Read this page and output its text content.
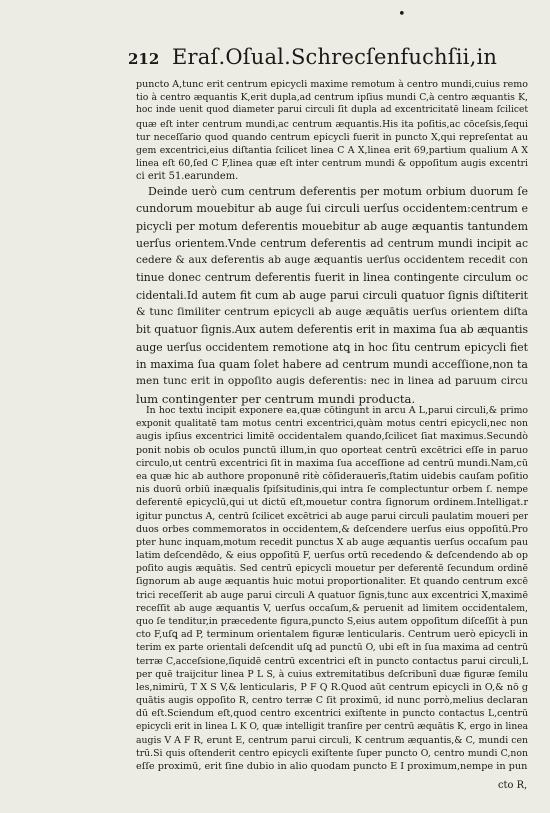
•
212 Eraſ.Oſual.Schrecſenfuchſii,in
puncto A,tunc erit centrum epicycli maxime remotum à centro mundi,cuius remo
tio à centro æquantis K,erit dupla,ad centrum ipſius mundi C,à centro æquantis K,
hoc inde uenit quod diameter parui circuli ſit dupla ad excentricitatē lineam ſcilicet
quæ eſt inter centrum mundi,ac centrum æquantis.His ita poſitis,ac cōceſsis,ſequi
tur neceſſario quod quando centrum epicycli fuerit in puncto X,qui repreſentat au
gem excentrici,eius diſtantia ſcilicet linea C A X,linea erit 69,partium qualium A X
linea eſt 60,ſed C F,linea quæ eſt inter centrum mundi & oppoſitum augis excentri
ci erit 51.earundem.
Deinde uerò cum centrum deferentis per motum orbium duorum ſe
cundorum mouebitur ab auge ſui circuli uerſus occidentem:centrum e
picycli per motum deferentis mouebitur ab auge æquantis tantundem
uerſus orientem.Vnde centrum deferentis ad centrum mundi incipit ac
cedere & aux deferentis ab auge æquantis uerſus occidentem recedit con
tinue donec centrum deferentis fuerit in linea contingente circulum oc
cidentali.Id autem fit cum ab auge parui circuli quatuor ſignis diſtiterit
& tunc ſimiliter centrum epicycli ab auge æquātis uerſus orientem diſta
bit quatuor ſignis.Aux autem deferentis erit in maxima ſua ab æquantis
auge uerſus occidentem remotione atꝗ in hoc ſitu centrum epicycli fiet
in maxima ſua quam ſolet habere ad centrum mundi acceſſione,non ta
men tunc erit in oppoſito augis deferentis: nec in linea ad paruum circu
lum contingenter per centrum mundi producta.
In hoc textu incipit exponere ea,quæ cōtingunt in arcu A L,parui circuli,& primo
exponit qualitatē tam motus centri excentrici,quàm motus centri epicycli,nec non
augis ipſius excentrici limitē occidentalem quando,ſcilicet ſiat maximus.Secundò
ponit nobis ob oculos punctū illum,in quo oporteat centrū excētrici eſſe in paruo
circulo,ut centrū excentrici ſit in maxima ſua acceſſione ad centrū mundi.Nam,cū
ea quæ hic ab authore proponunē ritè cōſiderauerīs,ſtatim uidebis cauſam poſitio
nis duorū orbiū inæqualis ſpiſsitudinis,qui intra ſe complectuntur orbem ſ. nempe
deferentē epicyclū,qui ut dictū eſt,mouetur contra ſignorum ordinem.Intelligat.r
igitur punctus A, centrū ſcilicet excētrici ab auge parui circuli paulatim moueri per
duos orbes commemoratos in occidentem,& deſcendere uerſus eius oppoſitū.Pro
pter hunc inquam,motum recedit punctus X ab auge æquantis uerſus occaſum pau
latim deſcendēdo, & eius oppoſitū F, uerſus ortū recedendo & deſcendendo ab op
poſito augis æquātis. Sed centrū epicycli mouetur per deferentē ſecundum ordinē
ſignorum ab auge æquantis huic motui proportionaliter. Et quando centrum excē
trici receſſerit ab auge parui circuli A quatuor ſignis,tunc aux excentrici X,maximē
receſſit ab auge æquantis V, uerſus occaſum,& peruenit ad limitem occidentalem,
quo ſe tenditur,in præcedente figura,puncto S,eius autem oppoſitum diſceſſit à pun
cto F,uſꝗ ad P, terminum orientalem figuræ lenticularis. Centrum uerò epicycli in
terim ex parte orientali deſcendit uſꝗ ad punctū O, ubi eſt in ſua maxima ad centrū
terræ C,acceſsione,ſiquidē centrū excentrici eſt in puncto contactus parui circuli,L
per quē traijcitur linea P L S, à cuius extremitatibus deſcribunī duæ figuræ ſemilu
les,nimirū, T X S V,& lenticularis, P F Q R.Quod aūt centrum epicycli in O,& nō g
quātis augis oppoſito R, centro terræ C ſit proximū, id nunc porrò,melius declaran
dū eſt.Sciendum eſt,quod centro excentrici exiſtente in puncto contactus L,centrū
epicycli erit in linea L K O, quæ intelligit tranſire per centrū æquātis K, ergo in linea
augis V A F R, erunt E, centrum parui circuli, K centrum æquantis,& C, mundi cen
trū.Si quis oſtenderit centro epicycli exiſtente ſuper puncto O, centro mundi C,non
eſſe proximū, erit ſine dubio in alio quodam puncto E I proximum,nempe in pun
cto R,
